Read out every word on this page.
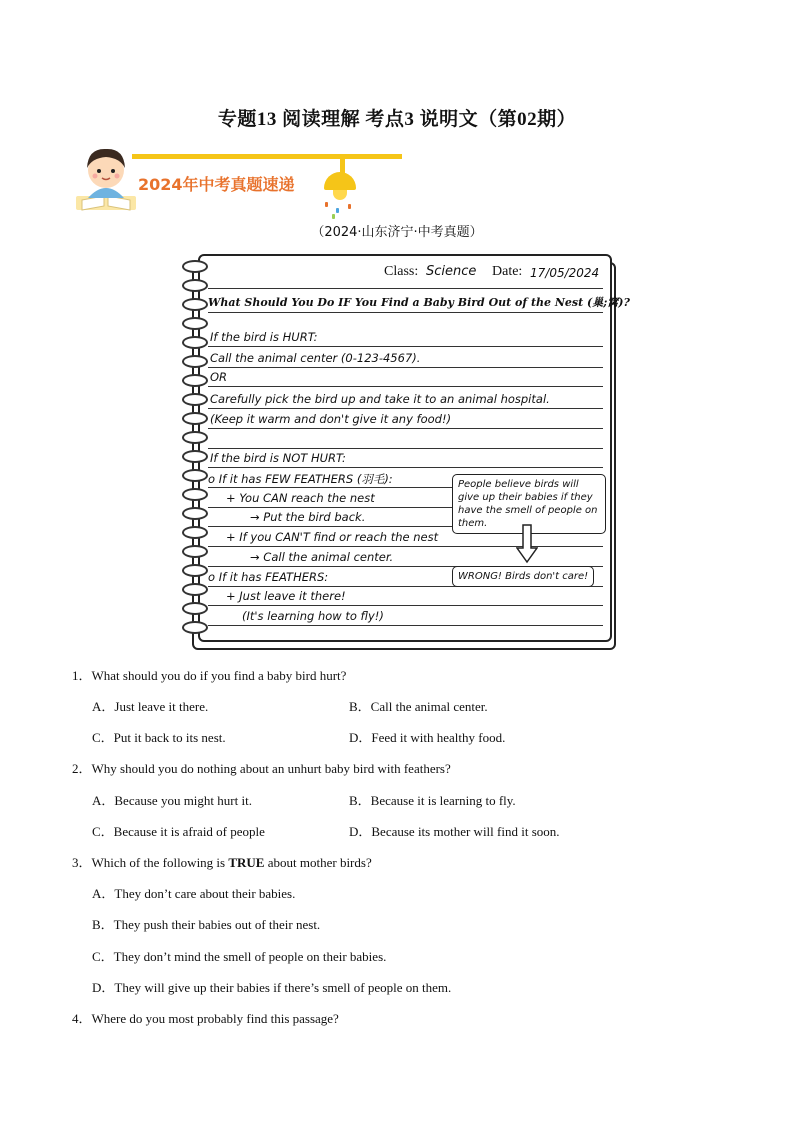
专题13 阅读理解 考点3 说明文（第02期）
2024年中考真题速递
（2024·山东济宁·中考真题）
Class: Science Date: 17/05/2024
What Should You Do IF You Find a Baby Bird Out of the Nest (巢;窝)?
If the bird is HURT:
Call the animal center (0-123-4567).
OR
Carefully pick the bird up and take it to an animal hospital.
(Keep it warm and don't give it any food!)
If the bird is NOT HURT:
o If it has FEW FEATHERS (羽毛):
+ You CAN reach the nest
→ Put the bird back.
+ If you CAN'T find or reach the nest
→ Call the animal center.
o If it has FEATHERS:
+ Just leave it there!
(It's learning how to fly!)
People believe birds will give up their babies if they have the smell of people on them.
WRONG! Birds don't care!
1．What should you do if you find a baby bird hurt?
A．Just leave it there.	B．Call the animal center.
C．Put it back to its nest.	D．Feed it with healthy food.
2．Why should you do nothing about an unhurt baby bird with feathers?
A．Because you might hurt it.	B．Because it is learning to fly.
C．Because it is afraid of people	D．Because its mother will find it soon.
3．Which of the following is TRUE about mother birds?
A．They don’t care about their babies.
B．They push their babies out of their nest.
C．They don’t mind the smell of people on their babies.
D．They will give up their babies if there’s smell of people on them.
4．Where do you most probably find this passage?
